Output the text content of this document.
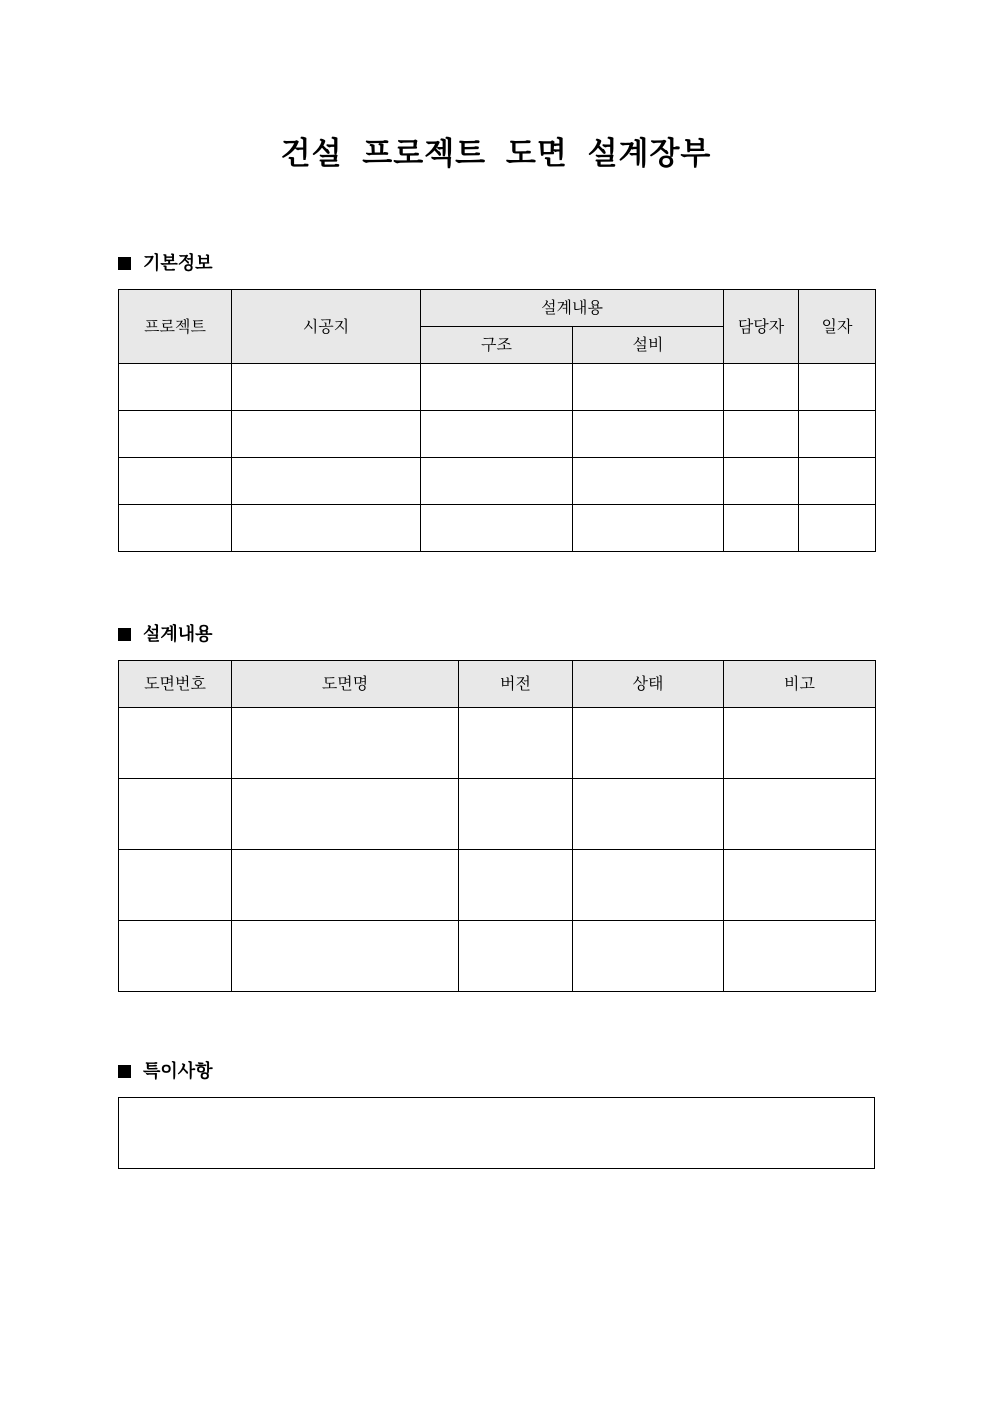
건설 프로젝트 도면 설계장부
기본정보
프로젝트	시공지	설계내용		담당자	일자
		구조	설비		

설계내용
도면번호	도면명	버전	상태	비고

특이사항
